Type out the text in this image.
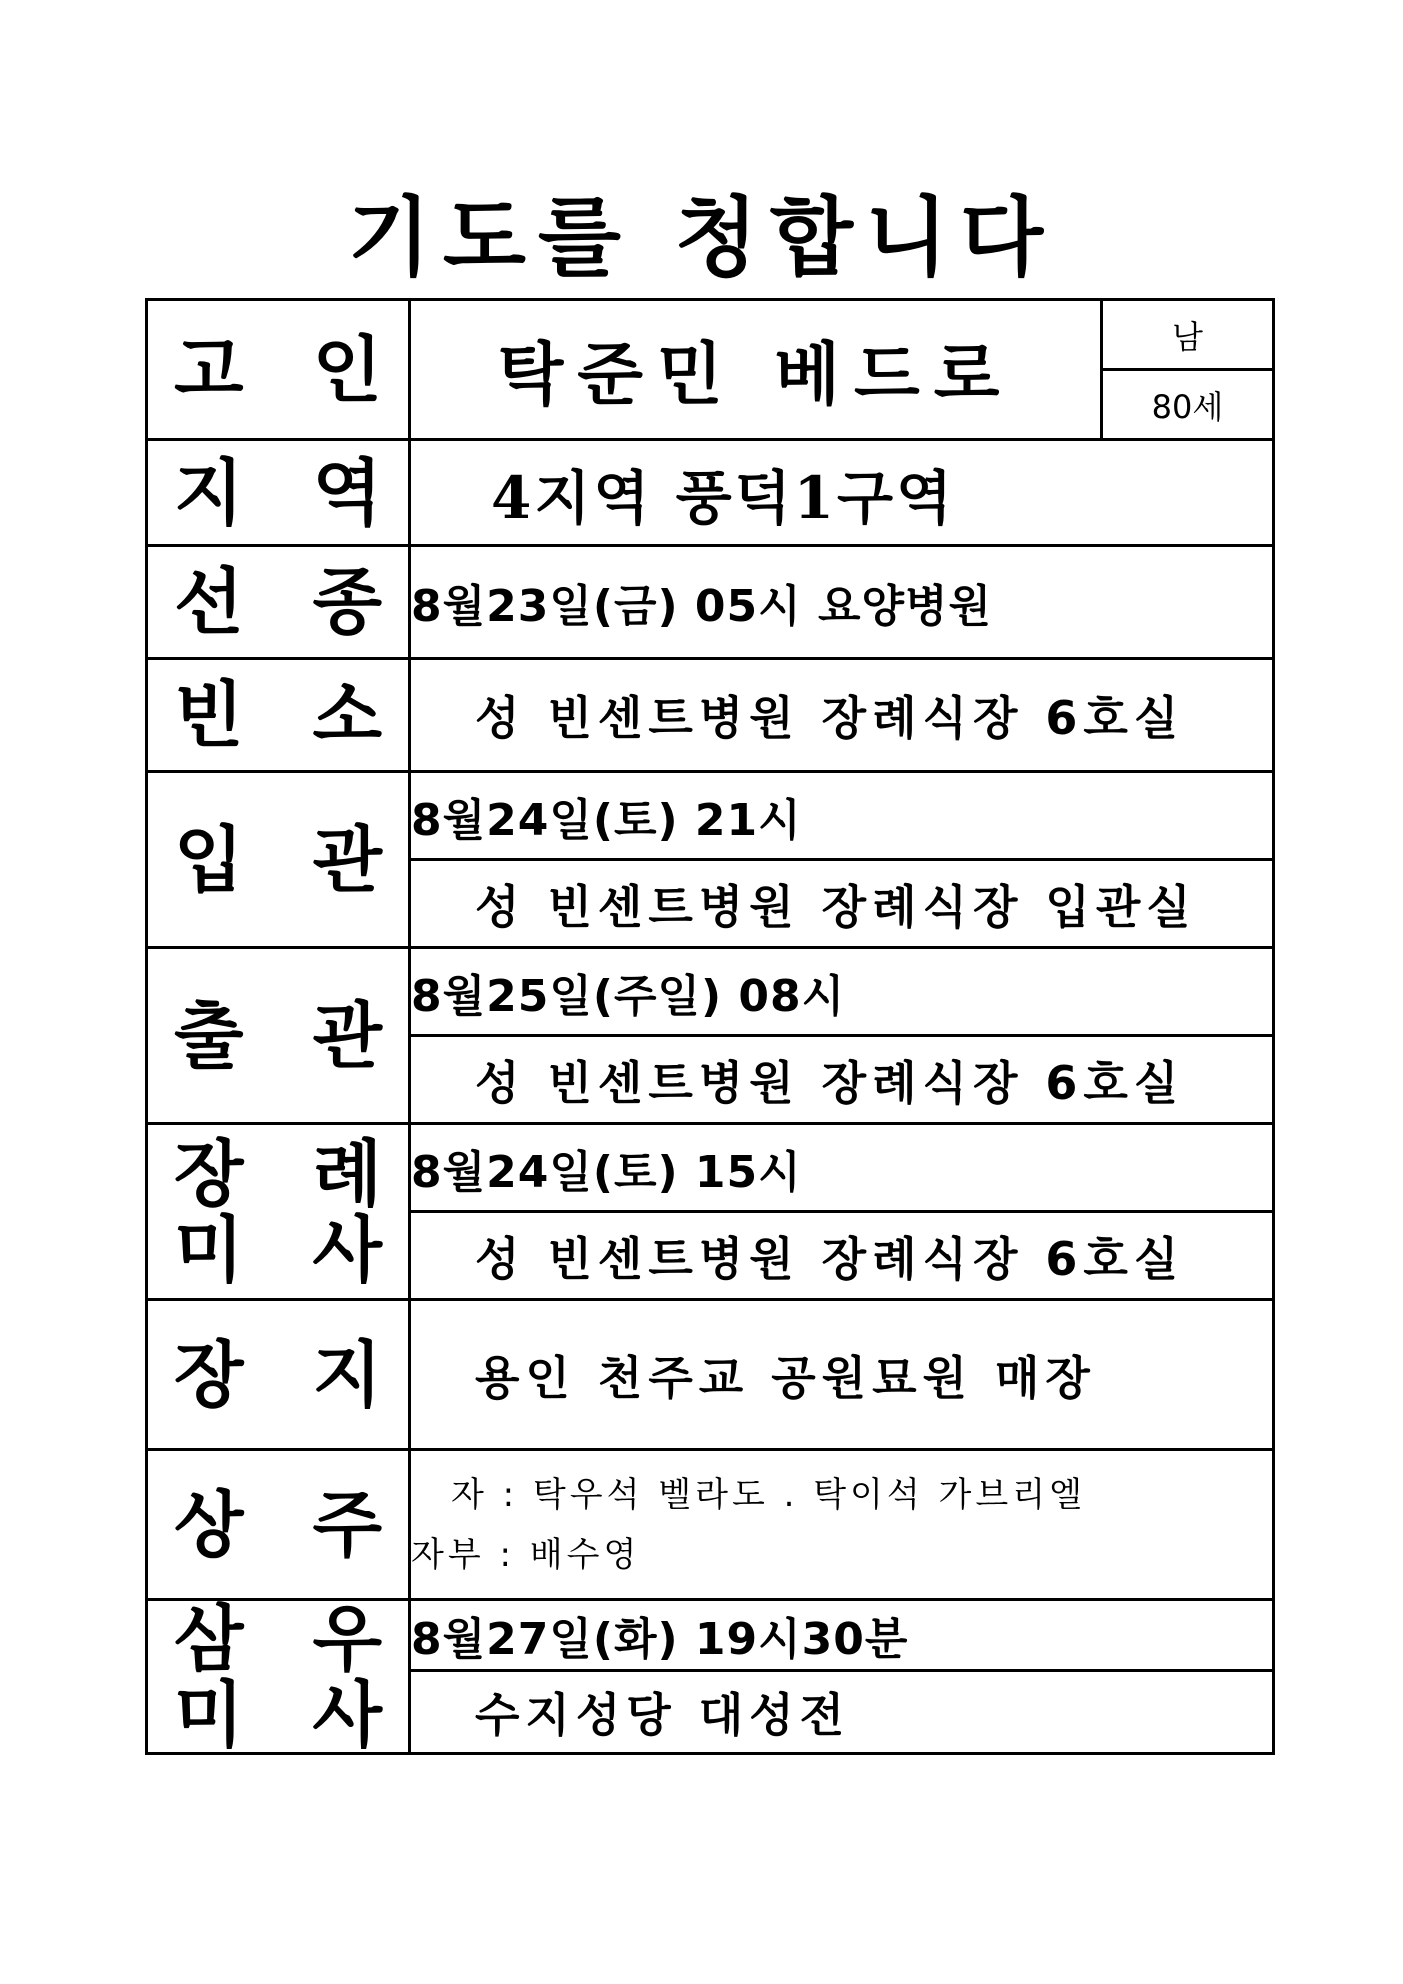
기도를 청합니다
고 인	탁준민 베드로	남
		80세

지 역	4지역 풍덕1구역	

선 종	8월23일(금) 05시 요양병원	

빈 소	성 빈센트병원 장례식장 6호실	

입 관	8월24일(토) 21시	
	성 빈센트병원 장례식장 입관실	

출 관	8월25일(주일) 08시	
	성 빈센트병원 장례식장 6호실	

장 례
미 사	8월24일(토) 15시	
	성 빈센트병원 장례식장 6호실	

장 지	용인 천주교 공원묘원 매장	

상 주	자 : 탁우석 벨라도 . 탁이석 가브리엘
자부 : 배수영	

삼 우
미 사	8월27일(화) 19시30분	
	수지성당 대성전	
